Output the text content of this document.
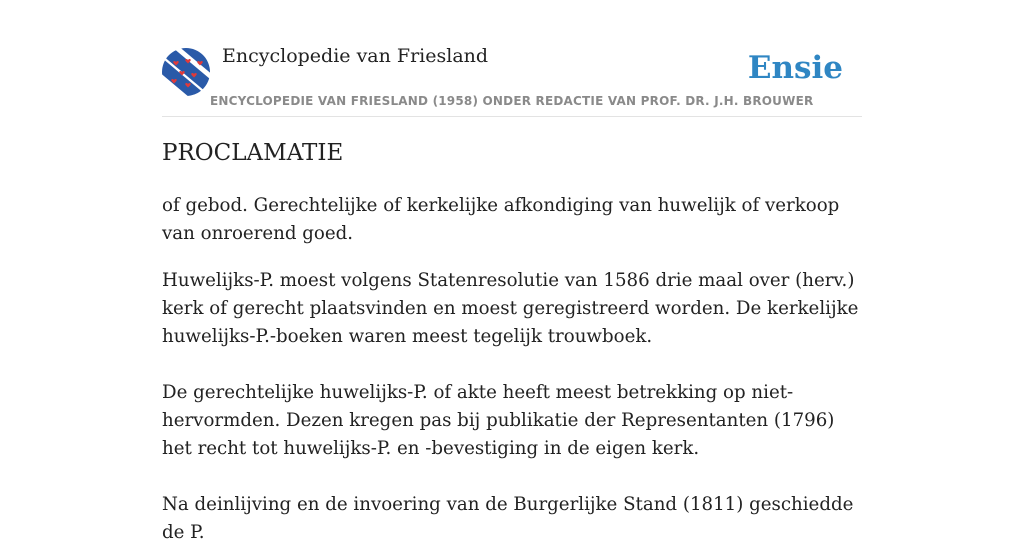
Encyclopedie van Friesland
ENCYCLOPEDIE VAN FRIESLAND (1958) ONDER REDACTIE VAN PROF. DR. J.H. BROUWER
Ensie
PROCLAMATIE

of gebod. Gerechtelijke of kerkelijke afkondiging van huwelijk of verkoop van onroerend goed.

Huwelijks-P. moest volgens Statenresolutie van 1586 drie maal over (herv.) kerk of gerecht plaatsvinden en moest geregistreerd worden. De kerkelijke huwelijks-P.-boeken waren meest tegelijk trouwboek.

De gerechtelijke huwelijks-P. of akte heeft meest betrekking op niet-hervormden. Dezen kregen pas bij publikatie der Representanten (1796) het recht tot huwelijks-P. en -bevestiging in de eigen kerk.

Na deinlijving en de invoering van de Burgerlijke Stand (1811) geschiedde de P.
